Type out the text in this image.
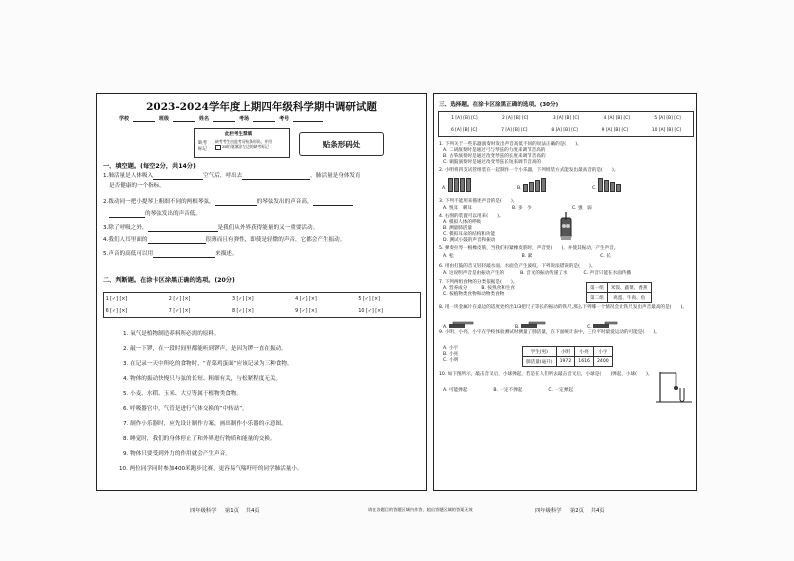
2023-2024学年度上期四年级科学期中调研试题
学校	班级	姓名	考场	考号
此栏考生禁填
缺考标记
缺考考生由监考员贴条形码，并用
2B铅笔填涂左边的缺考标记	贴条形码处
一、填空题。(每空2分，共14分)
1.肺活量是人体吸入	空气后，呼出去	。肺活量是身体发育
是否健康的一个指标。
2.拨动同一把小提琴上粗细不同的两根琴弦，	的琴弦发出的声音高，
的琴弦发出的声音低。
3.除了呼吸之外，	是我们从外界获得能量的又一重要活动。
4.我们人耳里面的	很薄而且有弹性，即使是轻微的声音，它都会产生振动。
5.声音的高低可以用	来描述。
二、判断题。在涂卡区涂黑正确的选项。(20分)
1 [✓] [×]	2 [✓] [×]	3 [✓] [×]	4 [✓] [×]	5 [✓] [×]
6 [✓] [×]	7 [✓] [×]	8 [✓] [×]	9 [✓] [×]	10 [✓] [×]
1. 氧气是植物制造养料所必需的原料。
2. 敲一下锣，在一段时间里都能听到锣声，是因为锣一直在振动。
3. 在记录一天中所吃的食物时，“青菜鸡蛋面”应该记录为三种食物。
4. 物体的振动快慢只与弦的长短、粗细有关，与松紧程度无关。
5. 小麦、水稻、玉米、大豆等属于植物类食物。
6. 呼吸器官中，气管是进行气体交换的“中转站”。
7. 制作小乐器时，应先设计制作方案，画出制作小乐器的示意图。
8. 睡觉时，我们的身体停止了和外界进行物质和能量的交换。
9. 物体只要受到外力的作用就会产生声音。
10. 两位同学同时参加400米跑步比赛，更容易气喘吁吁的同学肺活量小。
三、选择题。在涂卡区涂黑正确的选项。(30分)
1 [A] [B] [C]	2 [A] [B] [C]	3 [A] [B] [C]	4 [A] [B] [C]	5 [A] [B] [C]
6 [A] [B] [C]	7 [A] [B] [C]	8 [A] [B] [C]	9 [A] [B] [C]	10 [A] [B] [C]
1. 下列关于一些乐器演奏时发出声音高低不同的说法正确的是(　　)。
A. 二胡演奏时是通过弓与琴弦的力度来调节音高的
B. 古筝演奏时是通过改变琴弦的长度来调节音高的
C. 铜鼓演奏时是通过改变琴弦长短来调节音高的
2. 小明将四支试管组装在一起制作一个小乐器，下列组装方式能发出最高音的是(　　)。
A.	B.	C.
3. 下列不能用来描述声音的是(　　)。
A. 悦耳　刺耳	B. 多　少	C. 强　弱
4. 右图的装置可以用来(　　)。
A. 模拟人体的呼吸
B. 测量肺活量
C. 模拟耳朵的结构和功能
D. 测试小鼓的声音和振动
5. 弹奏拉琴一根橡皮筋，当我们拉紧橡皮筋时，声音变(　　)，并使其振动，产生声音。
A. 松	B. 紧	C. 长
6. 用由打鼓的音又轻轻敲水面，水面会产生波纹，下列说法错误的是(　　)。
A. 这说明声音是由振动产生的	B. 音叉的振动传递了水	C. 声音只能在水面传播
7. 下列两组食物的分类依据是(　　)。
A. 营养成分	B. 按熟食和生食
C. 按植物类食物和动物类食物
第一组	米饭、蔬菜、香蕉
第二组	鸡蛋、牛肉、鱼
8. 用一块金属片在桌边的适度处约出1/3把尺子等长的振动的铁尺,那么下列哪一个情况会让铁尺发出声音最高的是(　　)。
A.	B.	C.
9. 小明、小亮、小宇在学校体验测试时测量了肺活量，在下面统计表中，三位平时最爱运动的可能是(　　)。
A. 小宇
B. 小亮
C. 小明
学生(男)	小明	小亮	小宇
肺活量(毫升)	1972	1616	2400
10. 如下图所示，敲击音叉后，小球弹起，若是在人们听去敲击音叉后，小球是(　　)弹起，小球(　　)。
A. 可能弹起	B. 一定不弹起	C. 一定弹起
四年级科学 第1页 共4页	请在各题目的答题区域内作答，超出答题区域的答案无效	四年级科学 第2页 共4页
